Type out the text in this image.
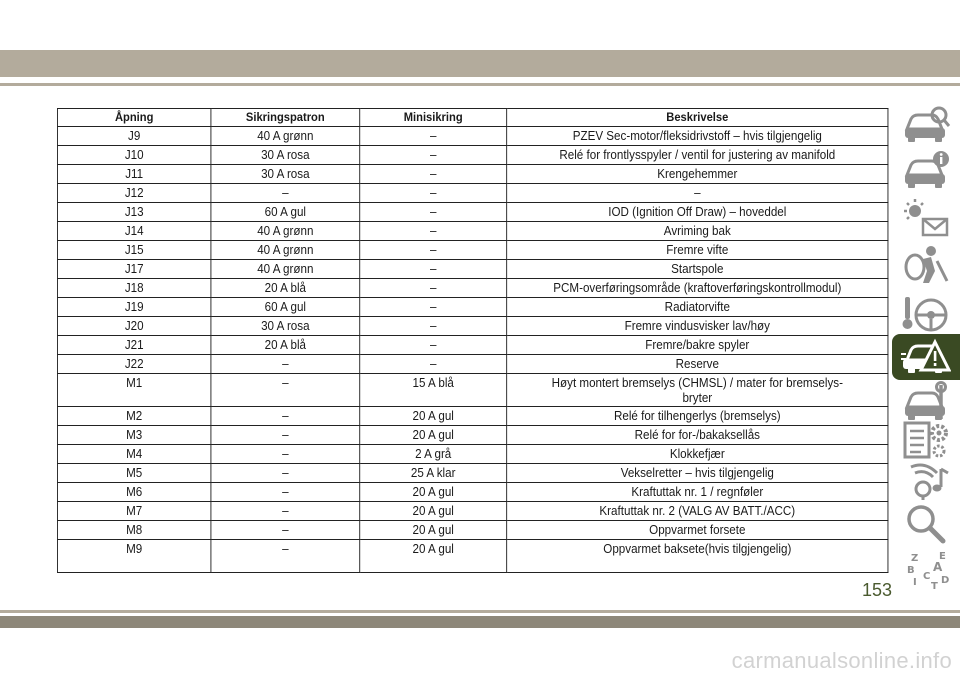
Åpning	Sikringspatron	Minisikring	Beskrivelse
J9	40 A grønn	–	PZEV Sec-motor/fleksidrivstoff – hvis tilgjengelig
J10	30 A rosa	–	Relé for frontlysspyler / ventil for justering av manifold
J11	30 A rosa	–	Krengehemmer
J12	–	–	–
J13	60 A gul	–	IOD (Ignition Off Draw) – hoveddel
J14	40 A grønn	–	Avriming bak
J15	40 A grønn	–	Fremre vifte
J17	40 A grønn	–	Startspole
J18	20 A blå	–	PCM-overføringsområde (kraftoverføringskontrollmodul)
J19	60 A gul	–	Radiatorvifte
J20	30 A rosa	–	Fremre vindusvisker lav/høy
J21	20 A blå	–	Fremre/bakre spyler
J22	–	–	Reserve
M1	–	15 A blå	Høyt montert bremselys (CHMSL) / mater for bremselys-
bryter
M2	–	20 A gul	Relé for tilhengerlys (bremselys)
M3	–	20 A gul	Relé for for-/bakaksellås
M4	–	2 A grå	Klokkefjær
M5	–	25 A klar	Vekselretter – hvis tilgjengelig
M6	–	20 A gul	Kraftuttak nr. 1 / regnføler
M7	–	20 A gul	Kraftuttak nr. 2 (VALG AV BATT./ACC)
M8	–	20 A gul	Oppvarmet forsete
M9	–	20 A gul	Oppvarmet baksete(hvis tilgjengelig)
Z E
B A
I
C
T
D
153
carmanualsonline.info
